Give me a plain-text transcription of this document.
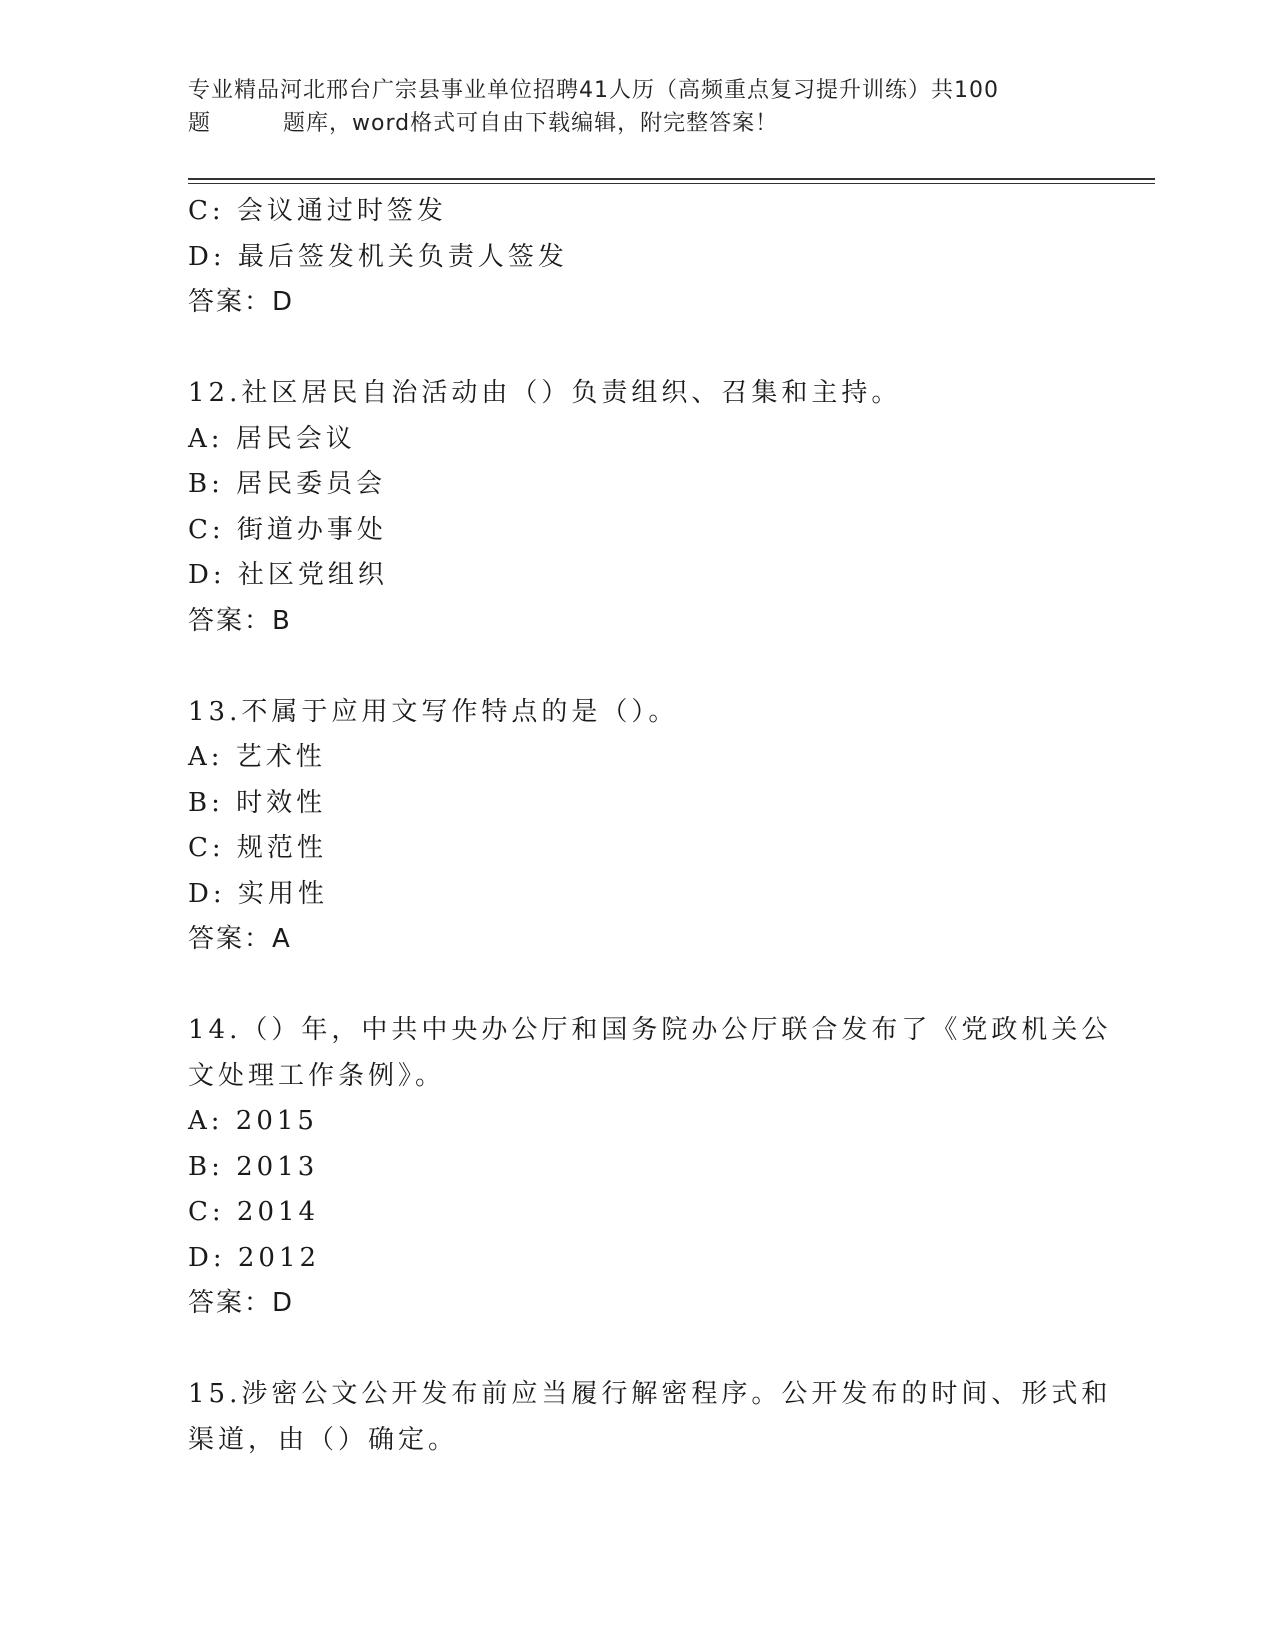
专业精品河北邢台广宗县事业单位招聘41人历（高频重点复习提升训练）共100
题	题库，word格式可自由下载编辑，附完整答案！
C: 会议通过时签发
D: 最后签发机关负责人签发
答案：D
12.社区居民自治活动由（）负责组织、召集和主持。
A: 居民会议
B: 居民委员会
C: 街道办事处
D: 社区党组织
答案：B
13.不属于应用文写作特点的是（）。
A: 艺术性
B: 时效性
C: 规范性
D: 实用性
答案：A
14.（）年，中共中央办公厅和国务院办公厅联合发布了《党政机关公
文处理工作条例》。
A: 2015
B: 2013
C: 2014
D: 2012
答案：D
15.涉密公文公开发布前应当履行解密程序。公开发布的时间、形式和
渠道，由（）确定。
